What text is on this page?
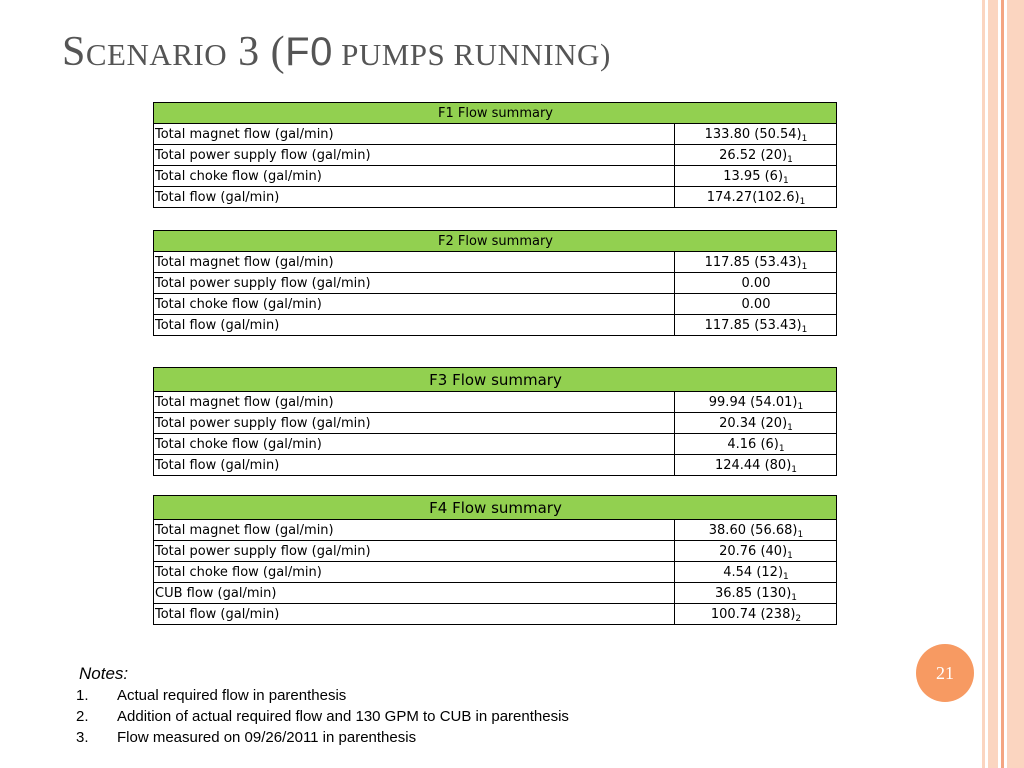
SCENARIO 3 (F0 PUMPS RUNNING)
F1 Flow summary	
Total magnet flow (gal/min)	133.80 $(50.54)_1$
Total power supply flow (gal/min)	26.52 $(20)_1$
Total choke flow (gal/min)	13.95 $(6)_1$
Total flow (gal/min)	$174.27(102.6)_1$
F2 Flow summary	
Total magnet flow (gal/min)	117.85 $(53.43)_1$
Total power supply flow (gal/min)	0.00
Total choke flow (gal/min)	0.00
Total flow (gal/min)	117.85 $(53.43)_1$
F3 Flow summary	
Total magnet flow (gal/min)	99.94 $(54.01)_1$
Total power supply flow (gal/min)	20.34 $(20)_1$
Total choke flow (gal/min)	4.16 $(6)_1$
Total flow (gal/min)	124.44 $(80)_1$
F4 Flow summary	
Total magnet flow (gal/min)	38.60 $(56.68)_1$
Total power supply flow (gal/min)	20.76 $(40)_1$
Total choke flow (gal/min)	4.54 $(12)_1$
CUB flow (gal/min)	36.85 $(130)_1$
Total flow (gal/min)	100.74 $(238)_2$
21
Notes:
1. Actual required flow in parenthesis
2. Addition of actual required flow and 130 GPM to CUB in parenthesis
3. Flow measured on 09/26/2011 in parenthesis
